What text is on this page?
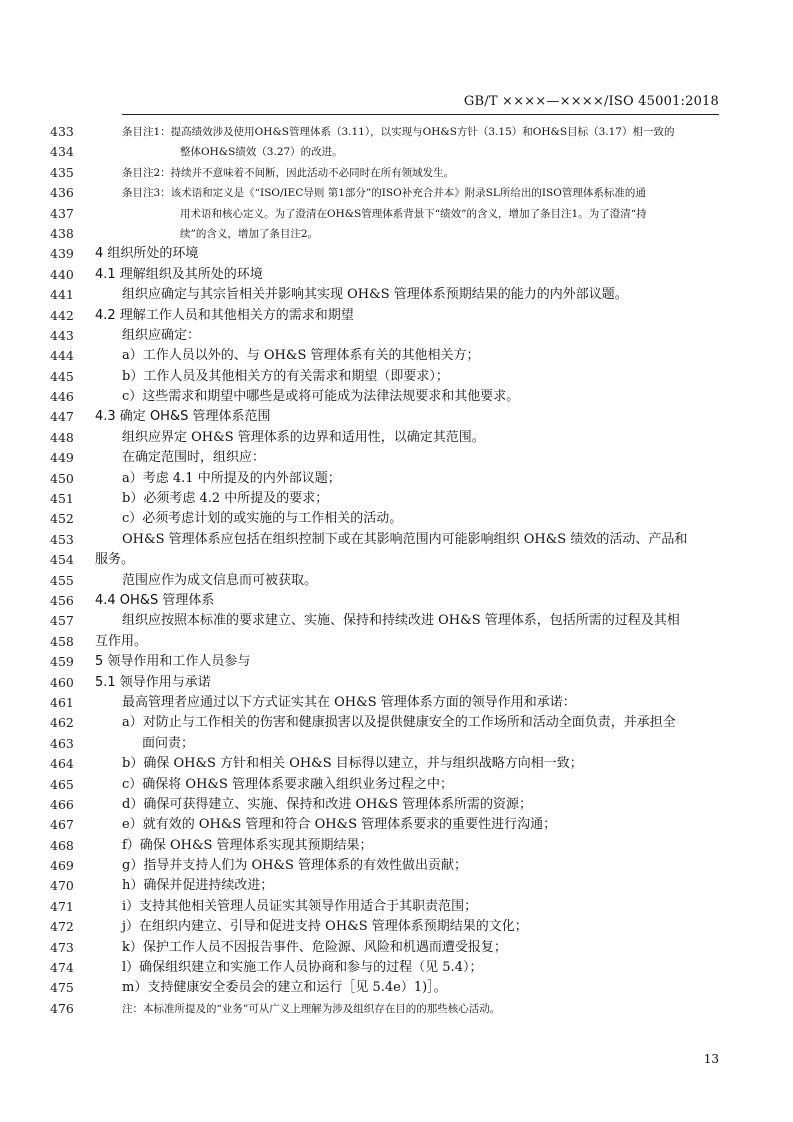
GB/T ××××—××××/ISO 45001:2018
433	条目注1：提高绩效涉及使用OH&S管理体系（3.11），以实现与OH&S方针（3.15）和OH&S目标（3.17）相一致的
434	整体OH&S绩效（3.27）的改进。
435	条目注2：持续并不意味着不间断，因此活动不必同时在所有领域发生。
436	条目注3：该术语和定义是《“ISO/IEC导则 第1部分”的ISO补充合并本》附录SL所给出的ISO管理体系标准的通
437	用术语和核心定义。为了澄清在OH&S管理体系背景下“绩效”的含义，增加了条目注1。为了澄清“持
438	续”的含义，增加了条目注2。
439	4 组织所处的环境
440	4.1 理解组织及其所处的环境
441	组织应确定与其宗旨相关并影响其实现 OH&S 管理体系预期结果的能力的内外部议题。
442	4.2 理解工作人员和其他相关方的需求和期望
443	组织应确定：
444	a）工作人员以外的、与 OH&S 管理体系有关的其他相关方；
445	b）工作人员及其他相关方的有关需求和期望（即要求）；
446	c）这些需求和期望中哪些是或将可能成为法律法规要求和其他要求。
447	4.3 确定 OH&S 管理体系范围
448	组织应界定 OH&S 管理体系的边界和适用性，以确定其范围。
449	在确定范围时，组织应：
450	a）考虑 4.1 中所提及的内外部议题；
451	b）必须考虑 4.2 中所提及的要求；
452	c）必须考虑计划的或实施的与工作相关的活动。
453	OH&S 管理体系应包括在组织控制下或在其影响范围内可能影响组织 OH&S 绩效的活动、产品和
454	服务。
455	范围应作为成文信息而可被获取。
456	4.4 OH&S 管理体系
457	组织应按照本标准的要求建立、实施、保持和持续改进 OH&S 管理体系，包括所需的过程及其相
458	互作用。
459	5 领导作用和工作人员参与
460	5.1 领导作用与承诺
461	最高管理者应通过以下方式证实其在 OH&S 管理体系方面的领导作用和承诺：
462	a）对防止与工作相关的伤害和健康损害以及提供健康安全的工作场所和活动全面负责，并承担全
463	面问责；
464	b）确保 OH&S 方针和相关 OH&S 目标得以建立，并与组织战略方向相一致；
465	c）确保将 OH&S 管理体系要求融入组织业务过程之中；
466	d）确保可获得建立、实施、保持和改进 OH&S 管理体系所需的资源；
467	e）就有效的 OH&S 管理和符合 OH&S 管理体系要求的重要性进行沟通；
468	f）确保 OH&S 管理体系实现其预期结果；
469	g）指导并支持人们为 OH&S 管理体系的有效性做出贡献；
470	h）确保并促进持续改进；
471	i）支持其他相关管理人员证实其领导作用适合于其职责范围；
472	j）在组织内建立、引导和促进支持 OH&S 管理体系预期结果的文化；
473	k）保护工作人员不因报告事件、危险源、风险和机遇而遭受报复；
474	l）确保组织建立和实施工作人员协商和参与的过程（见 5.4）；
475	m）支持健康安全委员会的建立和运行［见 5.4e）1)］。
476	注：本标准所提及的“业务”可从广义上理解为涉及组织存在目的的那些核心活动。
13
